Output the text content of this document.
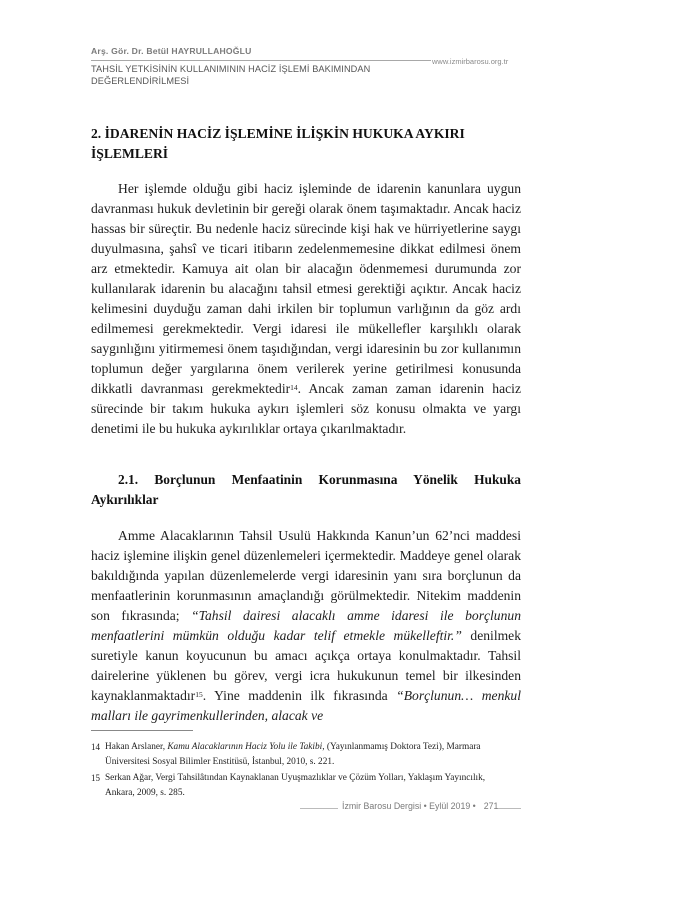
Arş. Gör. Dr. Betül HAYRULLAHOĞLU
www.izmirbarosu.org.tr
TAHSİL YETKİSİNİN KULLANIMININ HACİZ İŞLEMİ BAKIMINDAN
DEĞERLENDİRİLMESİ
2. İDARENİN HACİZ İŞLEMİNE İLİŞKİN HUKUKA AYKIRI
İŞLEMLERİ

Her işlemde olduğu gibi haciz işleminde de idarenin kanunlara uygun davranması hukuk devletinin bir gereği olarak önem taşımaktadır. Ancak haciz hassas bir süreçtir. Bu nedenle haciz sürecinde kişi hak ve hürriyetlerine saygı duyulmasına, şahsî ve ticari itibarın zedelenmemesine dikkat edilmesi önem arz etmektedir. Kamuya ait olan bir alacağın ödenmemesi durumunda zor kullanılarak idarenin bu alacağını tahsil etmesi gerektiği açıktır. Ancak haciz kelimesini duyduğu zaman dahi irkilen bir toplumun varlığının da göz ardı edilmemesi gerekmektedir. Vergi idaresi ile mükellefler karşılıklı olarak saygınlığını yitirmemesi önem taşıdığından, vergi idaresinin bu zor kullanımın toplumun değer yargılarına önem verilerek yerine getirilmesi konusunda dikkatli davranması gerekmektedir$^{14}$. Ancak zaman zaman idarenin haciz sürecinde bir takım hukuka aykırı işlemleri söz konusu olmakta ve yargı denetimi ile bu hukuka aykırılıklar ortaya çıkarılmaktadır.

2.1. Borçlunun Menfaatinin Korunmasına Yönelik Hukuka Aykırılıklar

Amme Alacaklarının Tahsil Usulü Hakkında Kanun’un 62’nci maddesi haciz işlemine ilişkin genel düzenlemeleri içermektedir. Maddeye genel olarak bakıldığında yapılan düzenlemelerde vergi idaresinin yanı sıra borçlunun da menfaatlerinin korunmasının amaçlandığı görülmektedir. Nitekim maddenin son fıkrasında; “Tahsil dairesi alacaklı amme idaresi ile borçlunun menfaatlerini mümkün olduğu kadar telif etmekle mükelleftir.” denilmek suretiyle kanun koyucunun bu amacı açıkça ortaya konulmaktadır. Tahsil dairelerine yüklenen bu görev, vergi icra hukukunun temel bir ilkesinden kaynaklanmaktadır$^{15}$. Yine maddenin ilk fıkrasında “Borçlunun… menkul malları ile gayrimenkullerinden, alacak ve

14 Hakan Arslaner, Kamu Alacaklarının Haciz Yolu ile Takibi, (Yayınlanmamış Doktora Tezi), Marmara Üniversitesi Sosyal Bilimler Enstitüsü, İstanbul, 2010, s. 221.
15 Serkan Ağar, Vergi Tahsilâtından Kaynaklanan Uyuşmazlıklar ve Çözüm Yolları, Yaklaşım Yayıncılık,
Ankara, 2009, s. 285.
İzmir Barosu Dergisi • Eylül 2019 • 271
